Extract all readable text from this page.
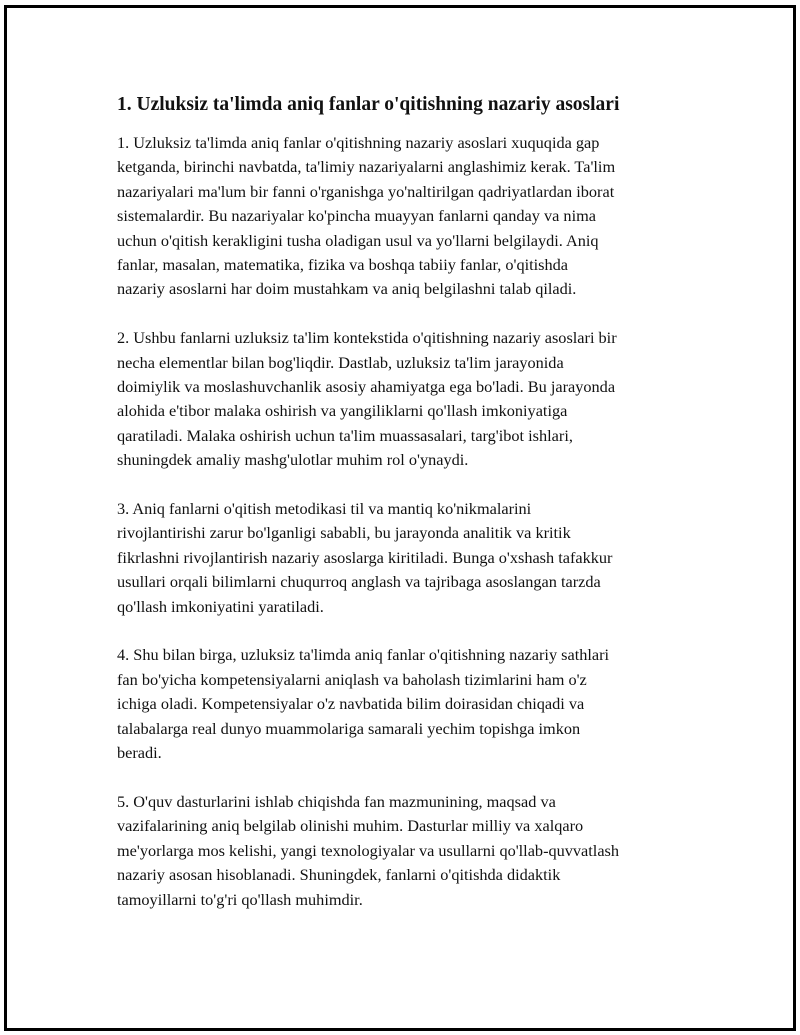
1. Uzluksiz ta'limda aniq fanlar o'qitishning nazariy asoslari

1. Uzluksiz ta'limda aniq fanlar o'qitishning nazariy asoslari xuquqida gap
ketganda, birinchi navbatda, ta'limiy nazariyalarni anglashimiz kerak. Ta'lim
nazariyalari ma'lum bir fanni o'rganishga yo'naltirilgan qadriyatlardan iborat
sistemalardir. Bu nazariyalar ko'pincha muayyan fanlarni qanday va nima
uchun o'qitish kerakligini tusha oladigan usul va yo'llarni belgilaydi. Aniq
fanlar, masalan, matematika, fizika va boshqa tabiiy fanlar, o'qitishda
nazariy asoslarni har doim mustahkam va aniq belgilashni talab qiladi.

2. Ushbu fanlarni uzluksiz ta'lim kontekstida o'qitishning nazariy asoslari bir
necha elementlar bilan bog'liqdir. Dastlab, uzluksiz ta'lim jarayonida
doimiylik va moslashuvchanlik asosiy ahamiyatga ega bo'ladi. Bu jarayonda
alohida e'tibor malaka oshirish va yangiliklarni qo'llash imkoniyatiga
qaratiladi. Malaka oshirish uchun ta'lim muassasalari, targ'ibot ishlari,
shuningdek amaliy mashg'ulotlar muhim rol o'ynaydi.

3. Aniq fanlarni o'qitish metodikasi til va mantiq ko'nikmalarini
rivojlantirishi zarur bo'lganligi sababli, bu jarayonda analitik va kritik
fikrlashni rivojlantirish nazariy asoslarga kiritiladi. Bunga o'xshash tafakkur
usullari orqali bilimlarni chuqurroq anglash va tajribaga asoslangan tarzda
qo'llash imkoniyatini yaratiladi.

4. Shu bilan birga, uzluksiz ta'limda aniq fanlar o'qitishning nazariy sathlari
fan bo'yicha kompetensiyalarni aniqlash va baholash tizimlarini ham o'z
ichiga oladi. Kompetensiyalar o'z navbatida bilim doirasidan chiqadi va
talabalarga real dunyo muammolariga samarali yechim topishga imkon
beradi.

5. O'quv dasturlarini ishlab chiqishda fan mazmunining, maqsad va
vazifalarining aniq belgilab olinishi muhim. Dasturlar milliy va xalqaro
me'yorlarga mos kelishi, yangi texnologiyalar va usullarni qo'llab-quvvatlash
nazariy asosan hisoblanadi. Shuningdek, fanlarni o'qitishda didaktik
tamoyillarni to'g'ri qo'llash muhimdir.
